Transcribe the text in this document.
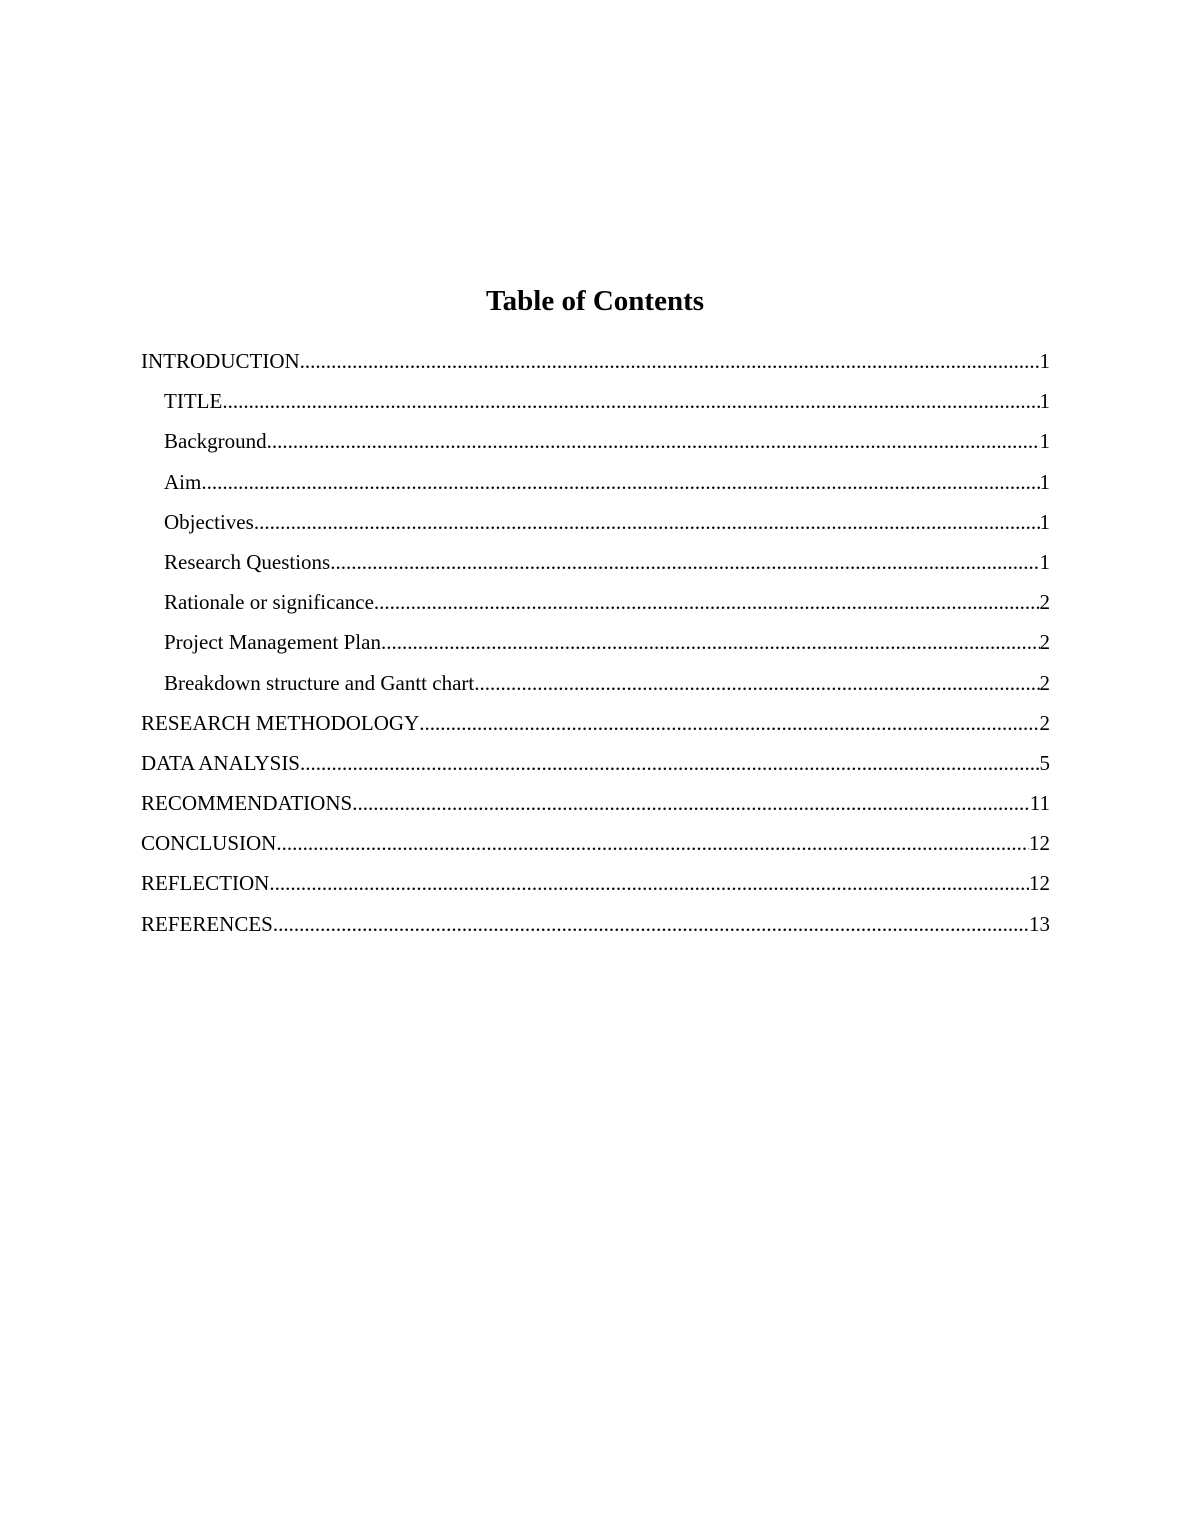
Table of Contents
INTRODUCTION .....	1
TITLE .....	1
Background .....	1
Aim .....	1
Objectives .....	1
Research Questions .....	1
Rationale or significance .....	2
Project Management Plan .....	2
Breakdown structure and Gantt chart .....	2
RESEARCH METHODOLOGY .....	2
DATA ANALYSIS .....	5
RECOMMENDATIONS .....	11
CONCLUSION .....	12
REFLECTION .....	12
REFERENCES .....	13
